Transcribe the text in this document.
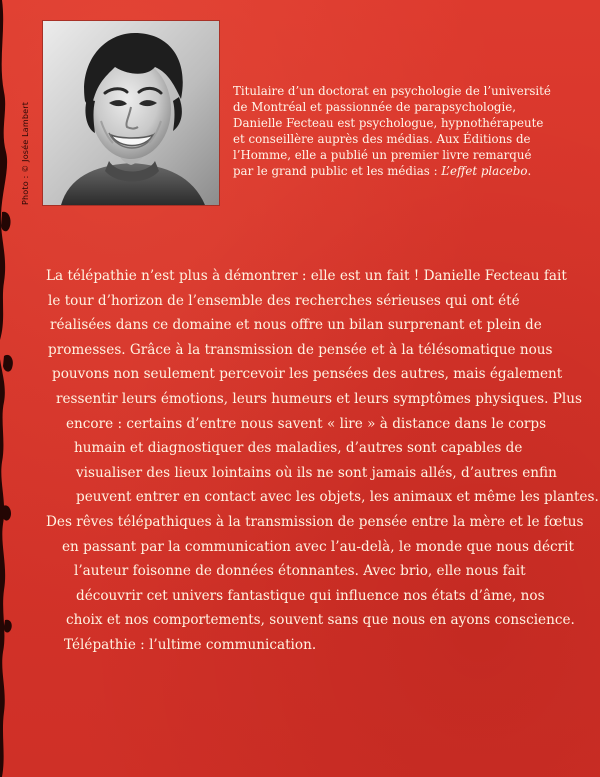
Photo : © Josée Lambert

Titulaire d’un doctorat en psychologie de l’université
de Montréal et passionnée de parapsychologie,
Danielle Fecteau est psychologue, hypnothérapeute
et conseillère auprès des médias. Aux Éditions de
l’Homme, elle a publié un premier livre remarqué
par le grand public et les médias : L’effet placebo.

La télépathie n’est plus à démontrer : elle est un fait ! Danielle Fecteau fait
le tour d’horizon de l’ensemble des recherches sérieuses qui ont été
réalisées dans ce domaine et nous offre un bilan surprenant et plein de
promesses. Grâce à la transmission de pensée et à la télésomatique nous
pouvons non seulement percevoir les pensées des autres, mais également
ressentir leurs émotions, leurs humeurs et leurs symptômes physiques. Plus
encore : certains d’entre nous savent « lire » à distance dans le corps
humain et diagnostiquer des maladies, d’autres sont capables de
visualiser des lieux lointains où ils ne sont jamais allés, d’autres enfin
peuvent entrer en contact avec les objets, les animaux et même les plantes.
Des rêves télépathiques à la transmission de pensée entre la mère et le fœtus
en passant par la communication avec l’au-delà, le monde que nous décrit
l’auteur foisonne de données étonnantes. Avec brio, elle nous fait
découvrir cet univers fantastique qui influence nos états d’âme, nos
choix et nos comportements, souvent sans que nous en ayons conscience.
Télépathie : l’ultime communication.
